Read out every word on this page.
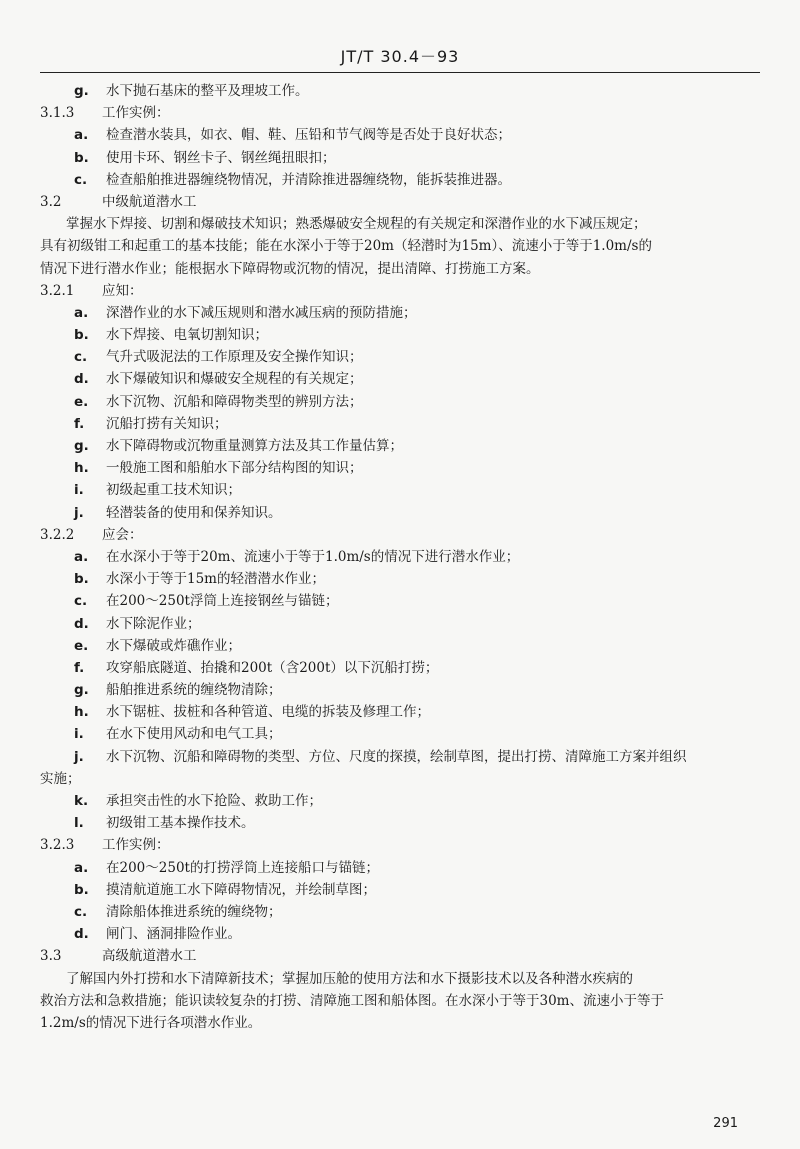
JT/T 30.4－93
g. 水下抛石基床的整平及理坡工作。
3.1.3 工作实例：
a. 检查潜水装具，如衣、帽、鞋、压铅和节气阀等是否处于良好状态；
b. 使用卡环、钢丝卡子、钢丝绳扭眼扣；
c. 检查船舶推进器缠绕物情况，并清除推进器缠绕物，能拆装推进器。
3.2	中级航道潜水工
掌握水下焊接、切割和爆破技术知识；熟悉爆破安全规程的有关规定和深潜作业的水下减压规定；
具有初级钳工和起重工的基本技能；能在水深小于等于20m（轻潜时为15m）、流速小于等于1.0m/s的
情况下进行潜水作业；能根据水下障碍物或沉物的情况，提出清障、打捞施工方案。
3.2.1 应知：
a. 深潜作业的水下减压规则和潜水减压病的预防措施；
b. 水下焊接、电氧切割知识；
c. 气升式吸泥法的工作原理及安全操作知识；
d. 水下爆破知识和爆破安全规程的有关规定；
e. 水下沉物、沉船和障碍物类型的辨别方法；
f. 沉船打捞有关知识；
g. 水下障碍物或沉物重量测算方法及其工作量估算；
h. 一般施工图和船舶水下部分结构图的知识；
i. 初级起重工技术知识；
j. 轻潜装备的使用和保养知识。
3.2.2 应会：
a. 在水深小于等于20m、流速小于等于1.0m/s的情况下进行潜水作业；
b. 水深小于等于15m的轻潜潜水作业；
c. 在200～250t浮筒上连接钢丝与锚链；
d. 水下除泥作业；
e. 水下爆破或炸礁作业；
f. 攻穿船底隧道、抬撬和200t（含200t）以下沉船打捞；
g. 船舶推进系统的缠绕物清除；
h. 水下锯桩、拔桩和各种管道、电缆的拆装及修理工作；
i. 在水下使用风动和电气工具；
j. 水下沉物、沉船和障碍物的类型、方位、尺度的探摸，绘制草图，提出打捞、清障施工方案并组织
实施；
k. 承担突击性的水下抢险、救助工作；
l. 初级钳工基本操作技术。
3.2.3 工作实例：
a. 在200～250t的打捞浮筒上连接船口与锚链；
b. 摸清航道施工水下障碍物情况，并绘制草图；
c. 清除船体推进系统的缠绕物；
d. 闸门、涵洞排险作业。
3.3	高级航道潜水工
了解国内外打捞和水下清障新技术；掌握加压舱的使用方法和水下摄影技术以及各种潜水疾病的
救治方法和急救措施；能识读较复杂的打捞、清障施工图和船体图。在水深小于等于30m、流速小于等于
1.2m/s的情况下进行各项潜水作业。
291
